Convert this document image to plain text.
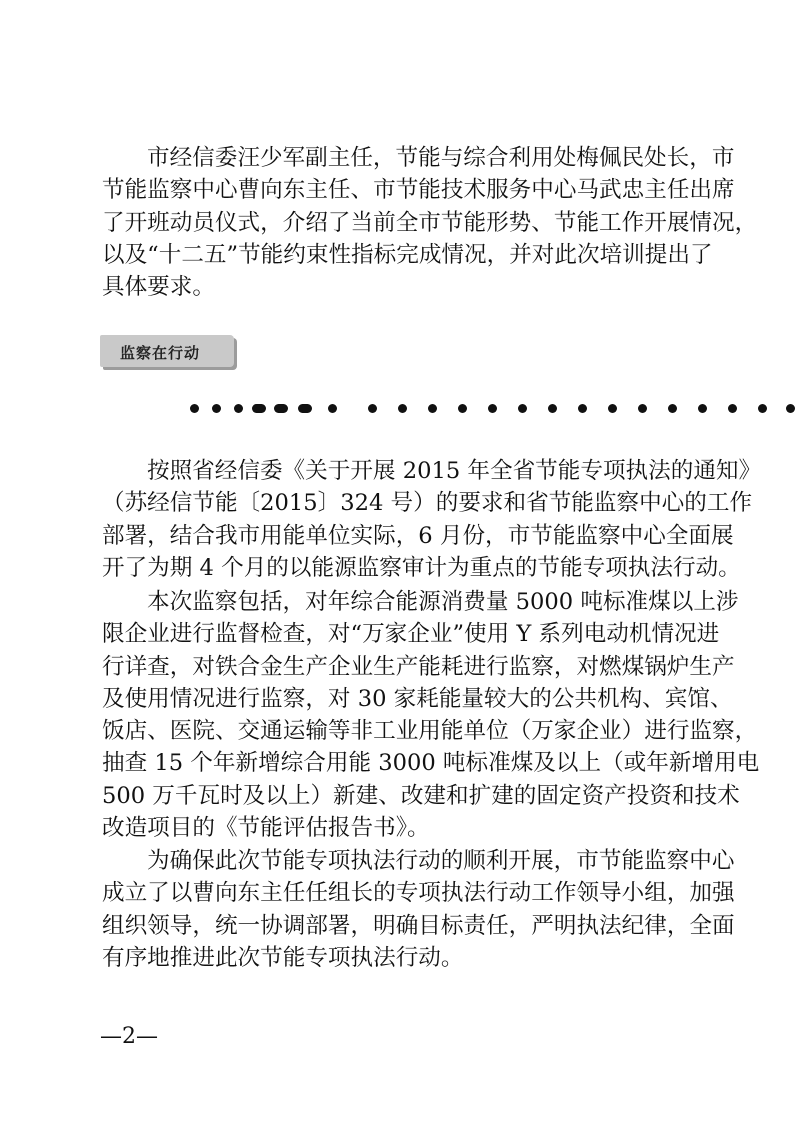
市经信委汪少军副主任，节能与综合利用处梅佩民处长，市
节能监察中心曹向东主任、市节能技术服务中心马武忠主任出席
了开班动员仪式，介绍了当前全市节能形势、节能工作开展情况，
以及“十二五”节能约束性指标完成情况，并对此次培训提出了
具体要求。
监察在行动
按照省经信委《关于开展 2015 年全省节能专项执法的通知》
（苏经信节能〔2015〕324 号）的要求和省节能监察中心的工作
部署，结合我市用能单位实际，6 月份，市节能监察中心全面展
开了为期 4 个月的以能源监察审计为重点的节能专项执法行动。
本次监察包括，对年综合能源消费量 5000 吨标准煤以上涉
限企业进行监督检查，对“万家企业”使用 Y 系列电动机情况进
行详查，对铁合金生产企业生产能耗进行监察，对燃煤锅炉生产
及使用情况进行监察，对 30 家耗能量较大的公共机构、宾馆、
饭店、医院、交通运输等非工业用能单位（万家企业）进行监察，
抽查 15 个年新增综合用能 3000 吨标准煤及以上（或年新增用电
500 万千瓦时及以上）新建、改建和扩建的固定资产投资和技术
改造项目的《节能评估报告书》。
为确保此次节能专项执法行动的顺利开展，市节能监察中心
成立了以曹向东主任任组长的专项执法行动工作领导小组，加强
组织领导，统一协调部署，明确目标责任，严明执法纪律，全面
有序地推进此次节能专项执法行动。
—2—
